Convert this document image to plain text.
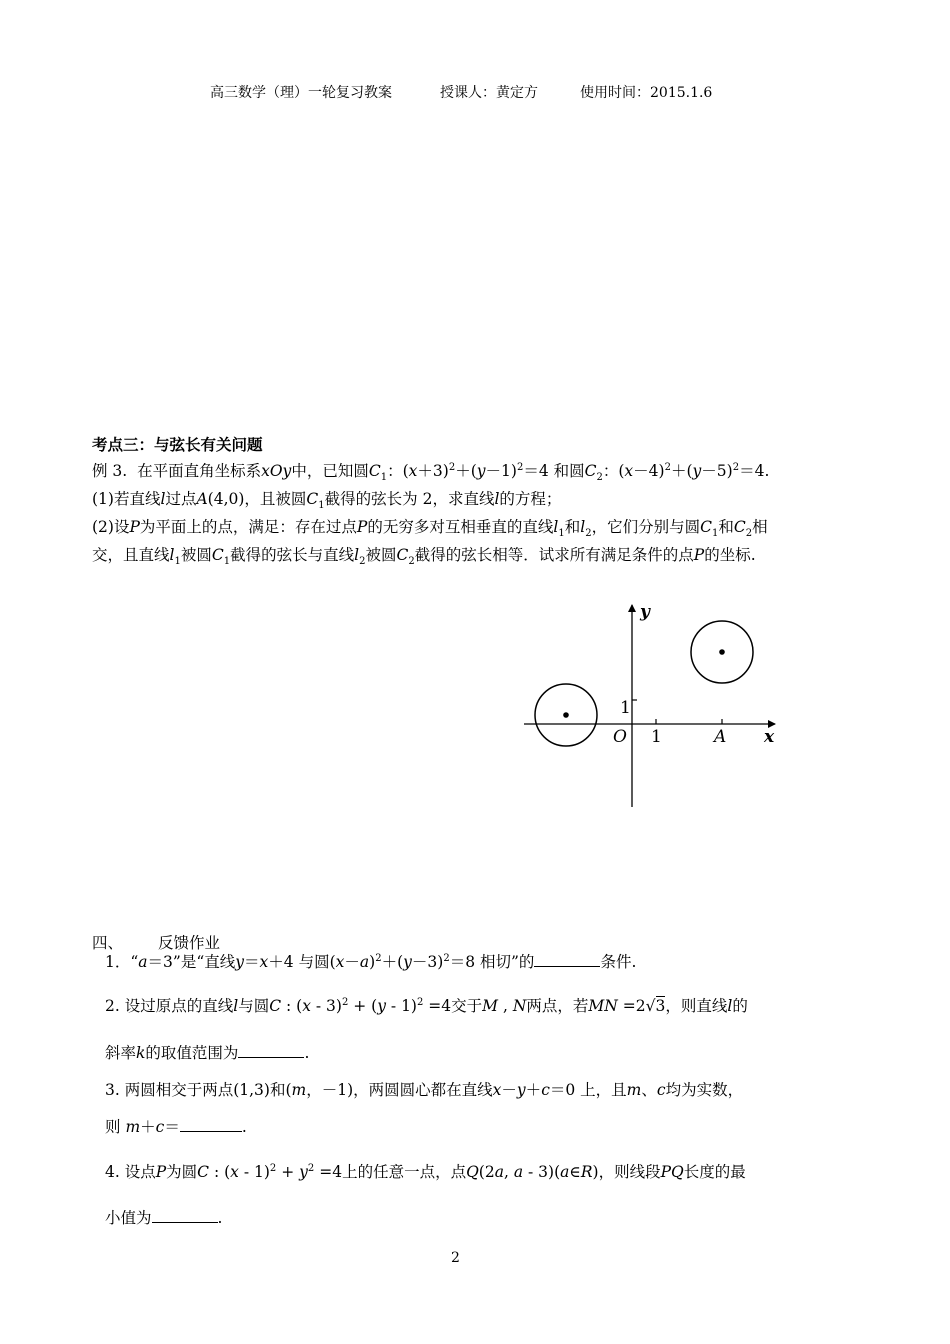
高三数学（理）一轮复习教案	授课人：黄定方	使用时间：2015.1.6
考点三：与弦长有关问题
例 3. 在平面直角坐标系xOy中，已知圆$C_1$：$(x+3)^2+(y-1)^2=4$ 和圆$C_2$：$(x-4)^2+(y-5)^2=4$.
(1)若直线l过点A(4,0)，且被圆$C_1$截得的弦长为 2，求直线l的方程；
(2)设P为平面上的点，满足：存在过点P的无穷多对互相垂直的直线$l_1$和$l_2$，它们分别与圆$C_1$和$C_2$相
交，且直线$l_1$被圆$C_1$截得的弦长与直线$l_2$被圆$C_2$截得的弦长相等．试求所有满足条件的点P的坐标.
y
x
O 1
1
A
四、 反馈作业
1．“a＝3”是“直线y＝x＋4 与圆$(x-a)^2+(y-3)^2=8$ 相切”的	条件.
2. 设过原点的直线l与圆C : (x - 3)$^2$ + (y - 1)$^2$ =4交于M , N两点，若MN =2√3，则直线l的
斜率k的取值范围为	.
3. 两圆相交于两点(1,3)和(m，－1)，两圆圆心都在直线x－y＋c＝0 上，且m、c均为实数，
则 m＋c＝	.
4. 设点P为圆C : $(x - 1)^2 + y^2 =4$上的任意一点，点Q(2a, a - 3)(a∈R)，则线段PQ长度的最
小值为	.
2
